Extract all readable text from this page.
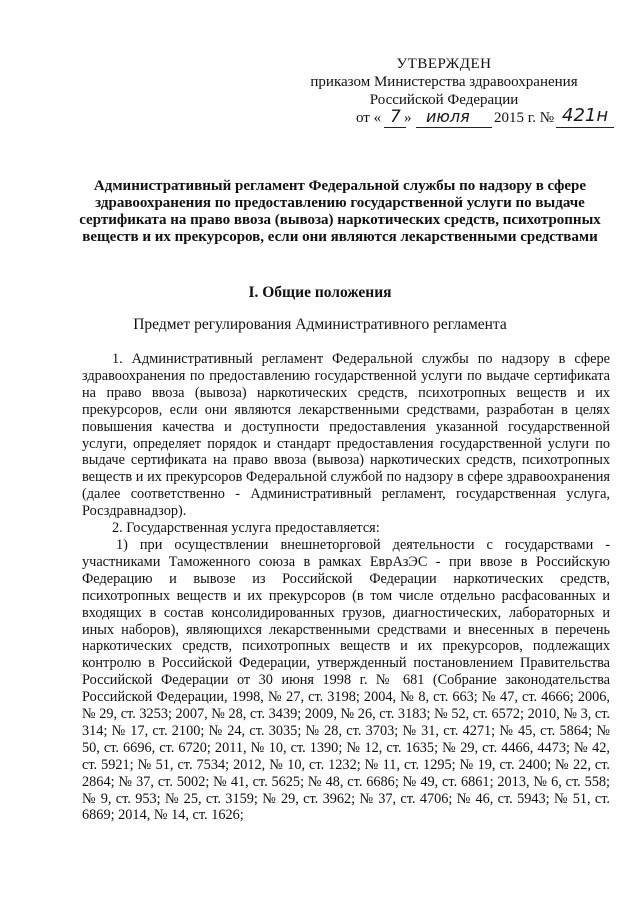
УТВЕРЖДЕН
приказом Министерства здравоохранения
Российской Федерации
от « 7 » июля 2015 г. № 421н
Административный регламент Федеральной службы по надзору в сфере здравоохранения по предоставлению государственной услуги по выдаче сертификата на право ввоза (вывоза) наркотических средств, психотропных веществ и их прекурсоров, если они являются лекарственными средствами
I. Общие положения
Предмет регулирования Административного регламента

1. Административный регламент Федеральной службы по надзору в сфере здравоохранения по предоставлению государственной услуги по выдаче сертификата на право ввоза (вывоза) наркотических средств, психотропных веществ и их прекурсоров, если они являются лекарственными средствами, разработан в целях повышения качества и доступности предоставления указанной государственной услуги, определяет порядок и стандарт предоставления государственной услуги по выдаче сертификата на право ввоза (вывоза) наркотических средств, психотропных веществ и их прекурсоров Федеральной службой по надзору в сфере здравоохранения (далее соответственно - Административный регламент, государственная услуга, Росздравнадзор).

2. Государственная услуга предоставляется:

1) при осуществлении внешнеторговой деятельности с государствами - участниками Таможенного союза в рамках ЕврАзЭС - при ввозе в Российскую Федерацию и вывозе из Российской Федерации наркотических средств, психотропных веществ и их прекурсоров (в том числе отдельно расфасованных и входящих в состав консолидированных грузов, диагностических, лабораторных и иных наборов), являющихся лекарственными средствами и внесенных в перечень наркотических средств, психотропных веществ и их прекурсоров, подлежащих контролю в Российской Федерации, утвержденный постановлением Правительства Российской Федерации от 30 июня 1998 г. № 681 (Собрание законодательства Российской Федерации, 1998, № 27, ст. 3198; 2004, № 8, ст. 663; № 47, ст. 4666; 2006, № 29, ст. 3253; 2007, № 28, ст. 3439; 2009, № 26, ст. 3183; № 52, ст. 6572; 2010, № 3, ст. 314; № 17, ст. 2100; № 24, ст. 3035; № 28, ст. 3703; № 31, ст. 4271; № 45, ст. 5864; № 50, ст. 6696, ст. 6720; 2011, № 10, ст. 1390; № 12, ст. 1635; № 29, ст. 4466, 4473; № 42, ст. 5921; № 51, ст. 7534; 2012, № 10, ст. 1232; № 11, ст. 1295; № 19, ст. 2400; № 22, ст. 2864; № 37, ст. 5002; № 41, ст. 5625; № 48, ст. 6686; № 49, ст. 6861; 2013, № 6, ст. 558; № 9, ст. 953; № 25, ст. 3159; № 29, ст. 3962; № 37, ст. 4706; № 46, ст. 5943; № 51, ст. 6869; 2014, № 14, ст. 1626;
